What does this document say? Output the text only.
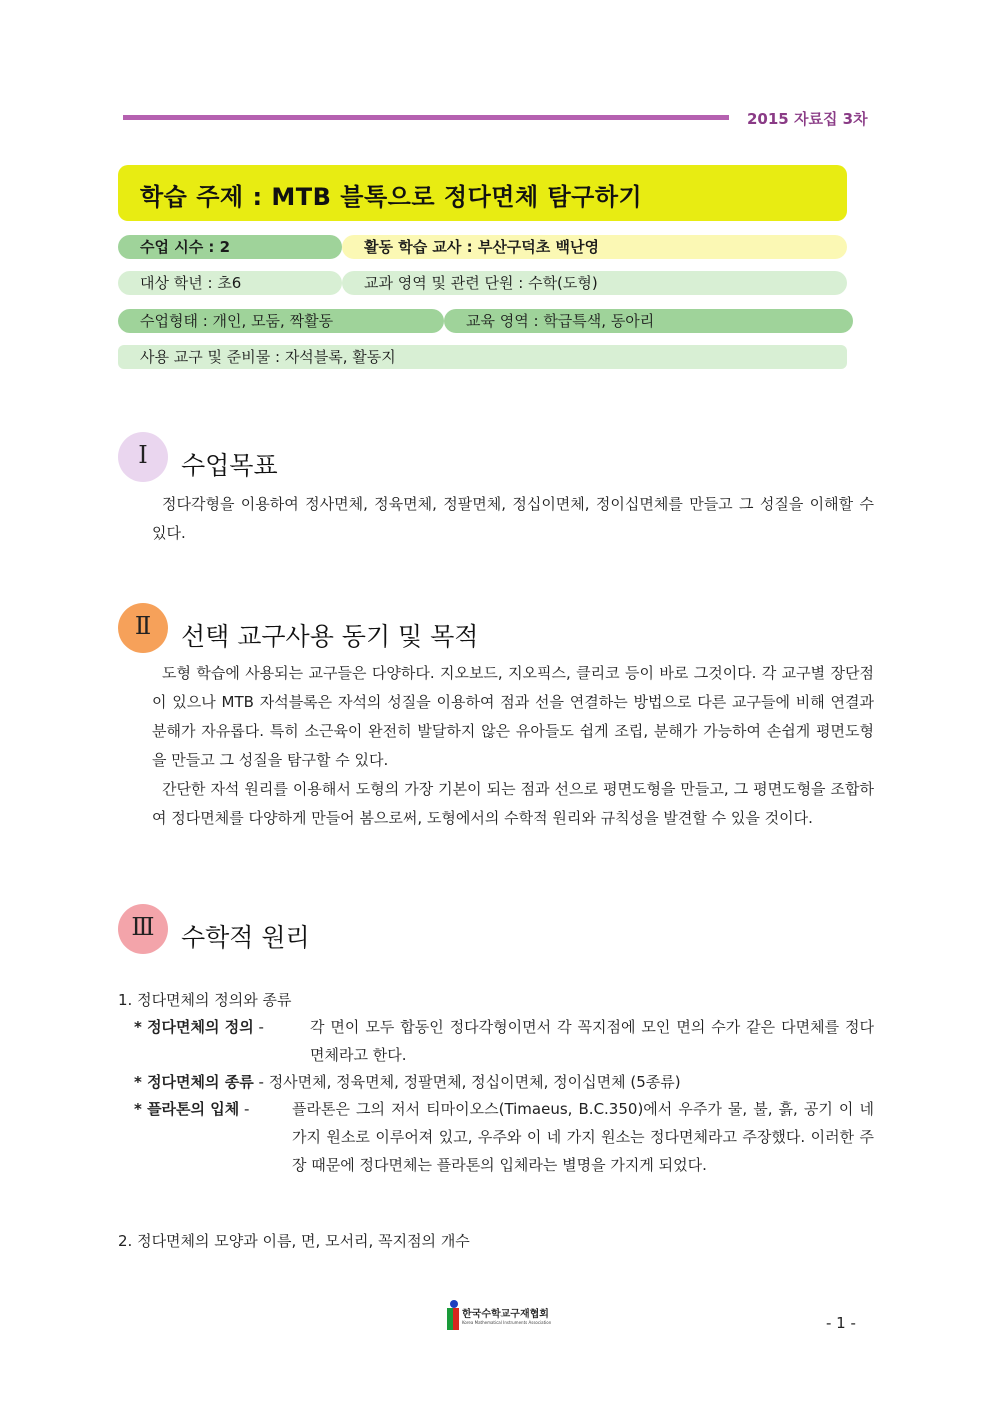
2015 자료집 3차
학습 주제 : MTB 블톡으로 정다면체 탐구하기
수업 시수 : 2	활동 학습 교사 : 부산구덕초 백난영
대상 학년 : 초6	교과 영역 및 관련 단원 : 수학(도형)
수업형태 : 개인, 모둠, 짝활동	교육 영역 : 학급특색, 동아리
사용 교구 및 준비물 : 자석블록, 활동지
Ⅰ	수업목표

정다각형을 이용하여 정사면체, 정육면체, 정팔면체, 정십이면체, 정이십면체를 만들고 그 성질을 이해할 수 있다.

Ⅱ	선택 교구사용 동기 및 목적

도형 학습에 사용되는 교구들은 다양하다. 지오보드, 지오픽스, 클리코 등이 바로 그것이다. 각 교구별 장단점이 있으나 MTB 자석블록은 자석의 성질을 이용하여 점과 선을 연결하는 방법으로 다른 교구들에 비해 연결과 분해가 자유롭다. 특히 소근육이 완전히 발달하지 않은 유아들도 쉽게 조립, 분해가 가능하여 손쉽게 평면도형을 만들고 그 성질을 탐구할 수 있다.

간단한 자석 원리를 이용해서 도형의 가장 기본이 되는 점과 선으로 평면도형을 만들고, 그 평면도형을 조합하여 정다면체를 다양하게 만들어 봄으로써, 도형에서의 수학적 원리와 규칙성을 발견할 수 있을 것이다.

Ⅲ	수학적 원리
1. 정다면체의 정의와 종류
* 정다면체의 정의 -	각 면이 모두 합동인 정다각형이면서 각 꼭지점에 모인 면의 수가 같은 다면체를 정다면체라고 한다.
* 정다면체의 종류 - 정사면체, 정육면체, 정팔면체, 정십이면체, 정이십면체 (5종류)
* 플라톤의 입체 -	플라톤은 그의 저서 티마이오스(Timaeus, B.C.350)에서 우주가 물, 불, 흙, 공기 이 네 가지 원소로 이루어져 있고, 우주와 이 네 가지 원소는 정다면체라고 주장했다. 이러한 주장 때문에 정다면체는 플라톤의 입체라는 별명을 가지게 되었다.
2. 정다면체의 모양과 이름, 면, 모서리, 꼭지점의 개수
한국수학교구재협회
Korea Mathematical Instruments Association	- 1 -
